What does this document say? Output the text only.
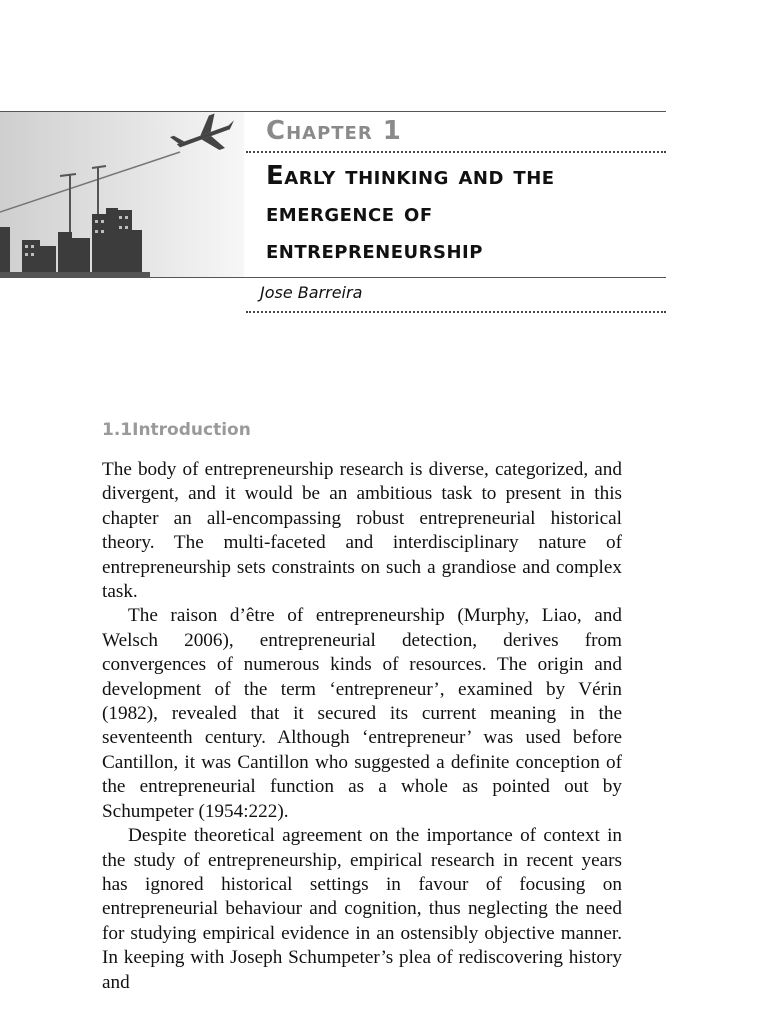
Chapter 1
Early thinking and the emergence of entrepreneurship
Jose Barreira
1.1Introduction

The body of entrepreneurship research is diverse, categorized, and divergent, and it would be an ambitious task to present in this chapter an all-encompassing robust entrepreneurial historical theory. The multi-faceted and interdisciplinary nature of entrepreneurship sets constraints on such a grandiose and complex task.

The raison d’être of entrepreneurship (Murphy, Liao, and Welsch 2006), entrepreneurial detection, derives from convergences of numerous kinds of resources. The origin and development of the term ‘entrepreneur’, examined by Vérin (1982), revealed that it secured its current meaning in the seventeenth century. Although ‘entrepreneur’ was used before Cantillon, it was Cantillon who suggested a definite conception of the entrepreneurial function as a whole as pointed out by Schumpeter (1954:222).

Despite theoretical agreement on the importance of context in the study of entrepreneurship, empirical research in recent years has ignored historical settings in favour of focusing on entrepreneurial behaviour and cognition, thus neglecting the need for studying empirical evidence in an ostensibly objective manner. In keeping with Joseph Schumpeter’s plea of rediscovering history and
